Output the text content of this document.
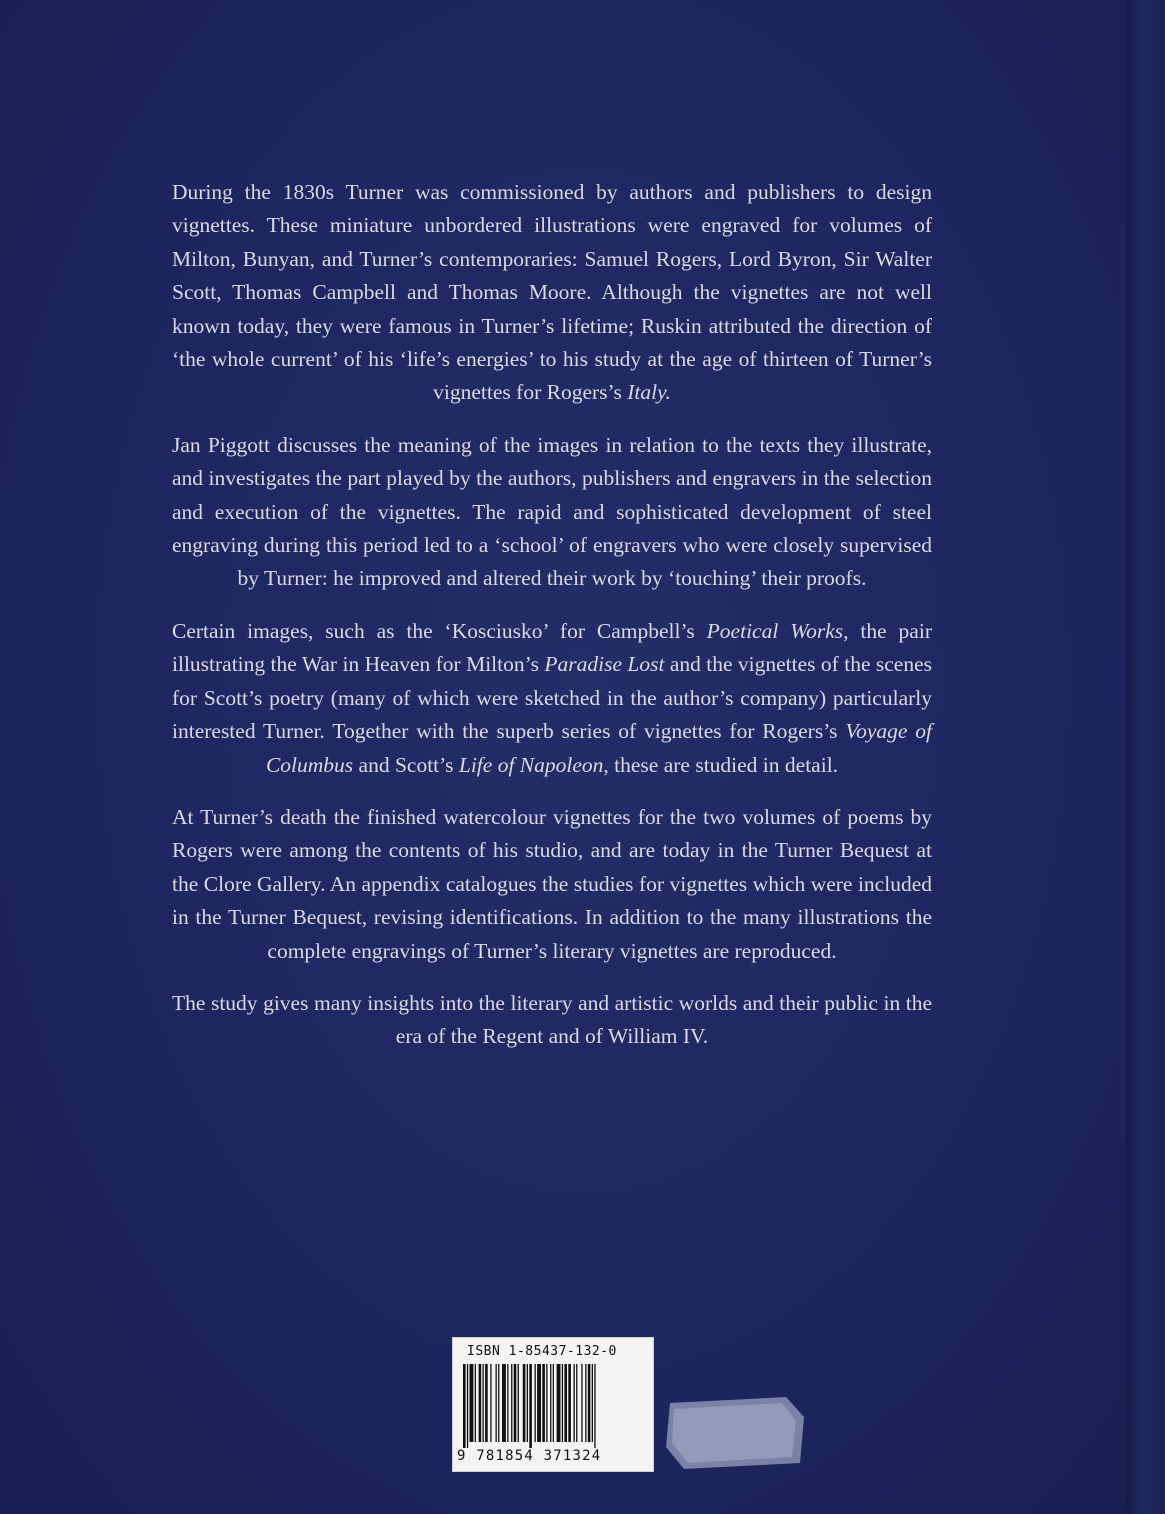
During the 1830s Turner was commissioned by authors and publishers to design vignettes. These miniature unbordered illustrations were engraved for volumes of Milton, Bunyan, and Turner’s contemporaries: Samuel Rogers, Lord Byron, Sir Walter Scott, Thomas Campbell and Thomas Moore. Although the vignettes are not well known today, they were famous in Turner’s lifetime; Ruskin attributed the direction of ‘the whole current’ of his ‘life’s energies’ to his study at the age of thirteen of Turner’s vignettes for Rogers’s Italy.

Jan Piggott discusses the meaning of the images in relation to the texts they illustrate, and investigates the part played by the authors, publishers and engravers in the selection and execution of the vignettes. The rapid and sophisticated development of steel engraving during this period led to a ‘school’ of engravers who were closely supervised by Turner: he improved and altered their work by ‘touching’ their proofs.

Certain images, such as the ‘Kosciusko’ for Campbell’s Poetical Works, the pair illustrating the War in Heaven for Milton’s Paradise Lost and the vignettes of the scenes for Scott’s poetry (many of which were sketched in the author’s company) particularly interested Turner. Together with the superb series of vignettes for Rogers’s Voyage of Columbus and Scott’s Life of Napoleon, these are studied in detail.

At Turner’s death the finished watercolour vignettes for the two volumes of poems by Rogers were among the contents of his studio, and are today in the Turner Bequest at the Clore Gallery. An appendix catalogues the studies for vignettes which were included in the Turner Bequest, revising identifications. In addition to the many illustrations the complete engravings of Turner’s literary vignettes are reproduced.

The study gives many insights into the literary and artistic worlds and their public in the era of the Regent and of William IV.

ISBN 1-85437-132-0
9 781854 371324
